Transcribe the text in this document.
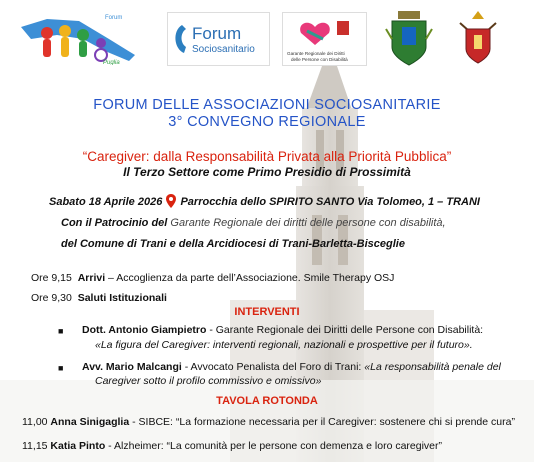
Forum
Puglia
Forum
Sociosanitario	Garante Regionale dei Diritti
delle Persone con Disabilità
FORUM DELLE ASSOCIAZIONI SOCIOSANITARIE
3° CONVEGNO REGIONALE
“Caregiver: dalla Responsabilità Privata alla Priorità Pubblica”
Il Terzo Settore come Primo Presidio di Prossimità
Sabato 18 Aprile 2026 Parrocchia dello SPIRITO SANTO Via Tolomeo, 1 – TRANI
Con il Patrocinio del Garante Regionale dei diritti delle persone con disabilità,
del Comune di Trani e della Arcidiocesi di Trani-Barletta-Bisceglie
Ore 9,15 Arrivi – Accoglienza da parte dell’Associazione. Smile Therapy OSJ
Ore 9,30 Saluti Istituzionali
INTERVENTI
■ Dott. Antonio Giampietro - Garante Regionale dei Diritti delle Persone con Disabilità:
«La figura del Caregiver: interventi regionali, nazionali e prospettive per il futuro».
■ Avv. Mario Malcangi - Avvocato Penalista del Foro di Trani: «La responsabilità penale del
Caregiver sotto il profilo commissivo e omissivo»
TAVOLA ROTONDA
11,00 Anna Sinigaglia - SIBCE: “La formazione necessaria per il Caregiver: sostenere chi si prende cura”
11,15 Katia Pinto - Alzheimer: “La comunità per le persone con demenza e loro caregiver”
